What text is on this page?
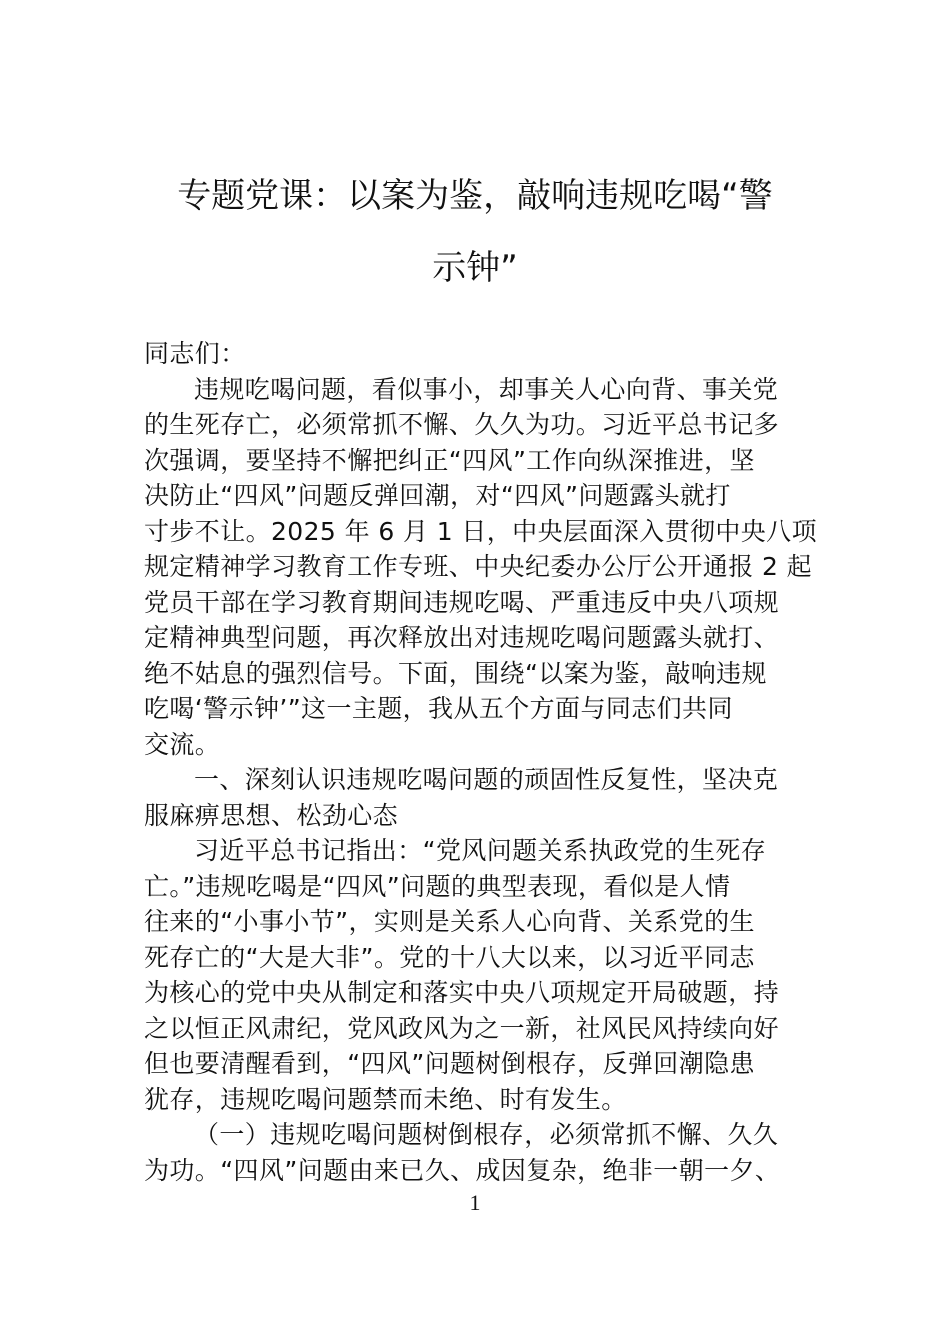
专题党课：以案为鉴，敲响违规吃喝“警
示钟”
同志们：
违规吃喝问题，看似事小，却事关人心向背、事关党
的生死存亡，必须常抓不懈、久久为功。习近平总书记多
次强调，要坚持不懈把纠正“四风”工作向纵深推进，坚
决防止“四风”问题反弹回潮，对“四风”问题露头就打
寸步不让。2025 年 6 月 1 日，中央层面深入贯彻中央八项
规定精神学习教育工作专班、中央纪委办公厅公开通报 2 起
党员干部在学习教育期间违规吃喝、严重违反中央八项规
定精神典型问题，再次释放出对违规吃喝问题露头就打、
绝不姑息的强烈信号。下面，围绕“以案为鉴，敲响违规
吃喝‘警示钟’”这一主题，我从五个方面与同志们共同
交流。
一、深刻认识违规吃喝问题的顽固性反复性，坚决克
服麻痹思想、松劲心态
习近平总书记指出：“党风问题关系执政党的生死存
亡。”违规吃喝是“四风”问题的典型表现，看似是人情
往来的“小事小节”，实则是关系人心向背、关系党的生
死存亡的“大是大非”。党的十八大以来，以习近平同志
为核心的党中央从制定和落实中央八项规定开局破题，持
之以恒正风肃纪，党风政风为之一新，社风民风持续向好
但也要清醒看到，“四风”问题树倒根存，反弹回潮隐患
犹存，违规吃喝问题禁而未绝、时有发生。
（一）违规吃喝问题树倒根存，必须常抓不懈、久久
为功。“四风”问题由来已久、成因复杂，绝非一朝一夕、
1
